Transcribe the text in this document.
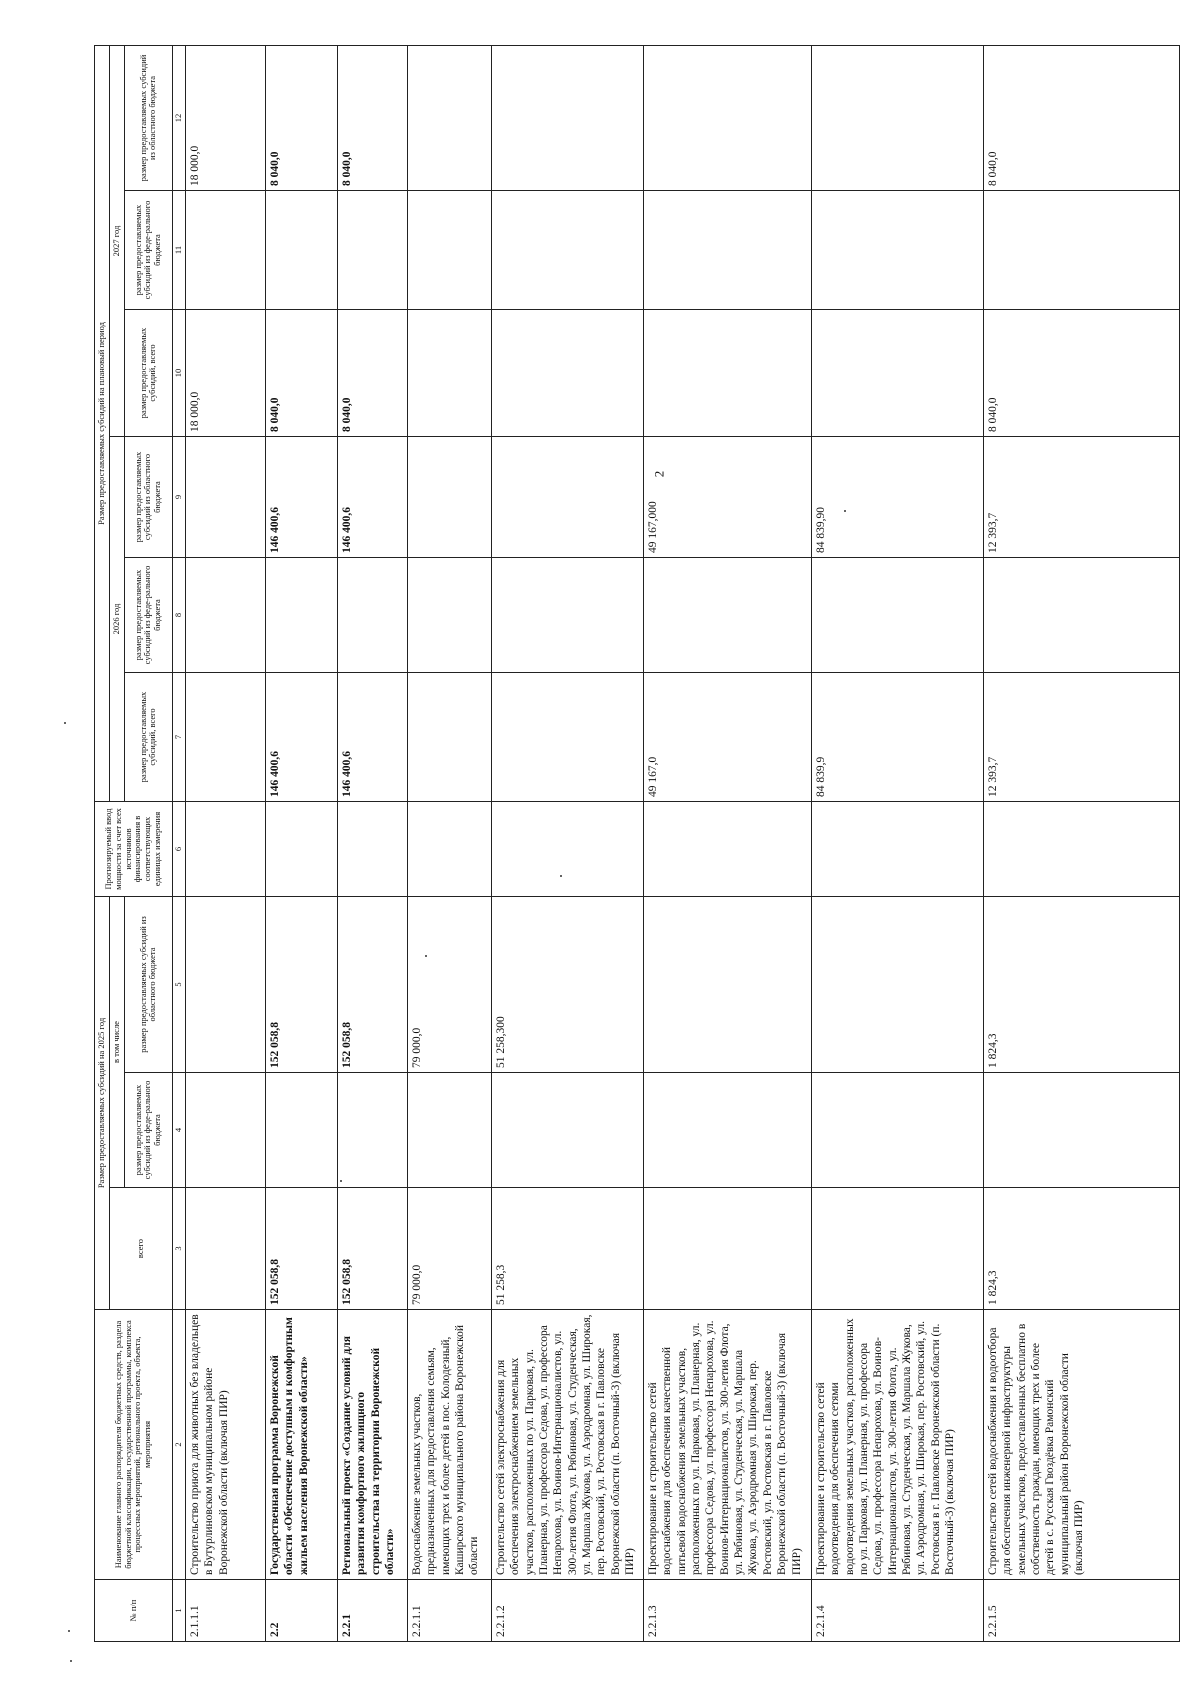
2
№ п/п	Наименование главного распорядителя бюджетных средств, раздела бюджетной классификации, государственной программы, комплекса процессных мероприятий, регионального проекта, объекта, мероприятия	Размер предоставляемых субсидий на 2025 год			Прогнозируемый ввод мощности за счет всех источников финансирования в соответствующих единицах измерения	Размер предоставляемых субсидий на плановый период					
		всего	в том числе			2026 год			2027 год		
			размер предоставляемых субсидий из феде-рального бюджета	размер предоставляемых субсидий из областного бюджета		размер предоставляемых субсидий, всего	размер предоставляемых субсидий из феде-рального бюджета	размер предоставляемых субсидий из областного бюджета	размер предоставляемых субсидий, всего	размер предоставляемых субсидий из феде-рального бюджета	размер предоставляемых субсидий из областного бюджета

1	2	3	4	5	6	7	8	9	10	11	12
2.1.1.1	Строительство приюта для животных без владельцев в Бутурлиновском муниципальном районе Воронежской области (включая ПИР)								18 000,0		18 000,0
2.2	Государственная программа Воронежской области «Обеспечение доступным и комфортным жильем населения Воронежской области»	152 058,8		152 058,8		146 400,6		146 400,6	8 040,0		8 040,0
2.2.1	Региональный проект «Создание условий для развития комфортного жилищного строительства на территории Воронежской области»	152 058,8		152 058,8		146 400,6		146 400,6	8 040,0		8 040,0
2.2.1.1	Водоснабжение земельных участков, предназначенных для предоставления семьям, имеющих трех и более детей в пос. Колодезный, Каширского муниципального района Воронежской области	79 000,0		79 000,0							
2.2.1.2	Строительство сетей электроснабжения для обеспечения электроснабжением земельных участков, расположенных по ул. Парковая, ул. Планерная, ул. профессора Седова, ул. профессора Непарохова, ул. Воинов-Интернационалистов, ул. 300-летия Флота, ул. Рябиновая, ул. Студенческая, ул. Маршала Жукова, ул. Аэродромная, ул. Широкая, пер. Ростовский, ул. Ростовская в г. Павловске Воронежской области (п. Восточный-3) (включая ПИР)	51 258,3		51 258,300							
2.2.1.3	Проектирование и строительство сетей водоснабжения для обеспечения качественной питьевой водоснабжения земельных участков, расположенных по ул. Парковая, ул. Планерная, ул. профессора Седова, ул. профессора Непарохова, ул. Воинов-Интернационалистов, ул. 300-летия Флота, ул. Рябиновая, ул. Студенческая, ул. Маршала Жукова, ул. Аэродромная ул. Широкая, пер. Ростовский, ул. Ростовская в г. Павловске Воронежской области (п. Восточный-3) (включая ПИР)					49 167,0		49 167,000			
2.2.1.4	Проектирование и строительство сетей водоотведения для обеспечения сетями водоотведения земельных участков, расположенных по ул. Парковая, ул. Планерная, ул. профессора Седова, ул. профессора Непарохова, ул. Воинов-Интернационалистов, ул. 300-летия Флота, ул. Рябиновая, ул. Студенческая, ул. Маршала Жукова, ул. Аэродромная, ул. Широкая, пер. Ростовский, ул. Ростовская в г. Павловске Воронежской области (п. Восточный-3) (включая ПИР)					84 839,9		84 839,90			
2.2.1.5	Строительство сетей водоснабжения и водоотбора для обеспечения инженерной инфраструктуры земельных участков, предоставленных бесплатно в собственность граждан, имеющих трех и более детей в с. Русская Гвоздёвка Рамонский муниципальный район Воронежской области (включая ПИР)	1 824,3		1 824,3		12 393,7		12 393,7	8 040,0		8 040,0
